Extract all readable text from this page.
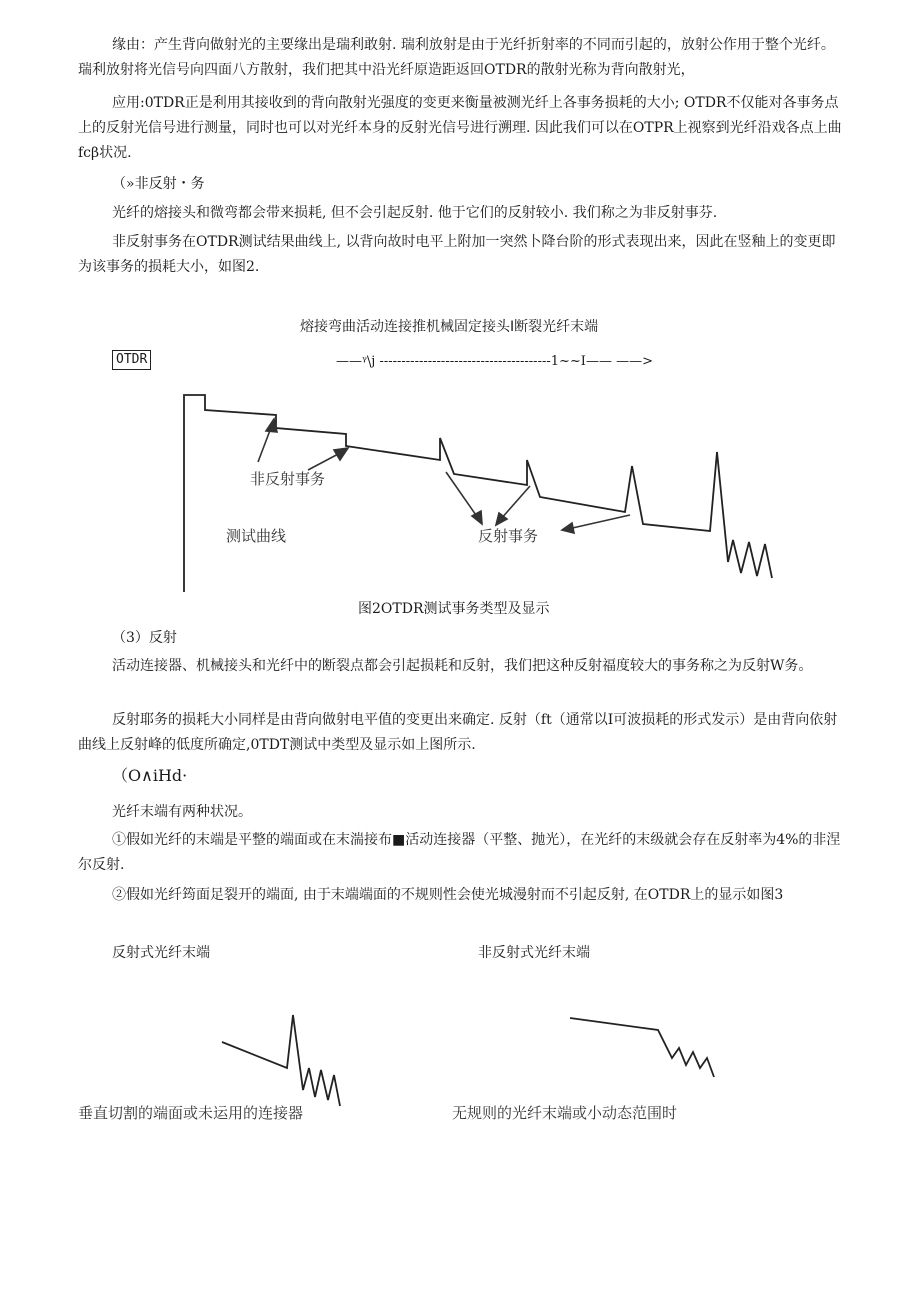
缘由：产生背向做射光的主要缘出是瑞利敢射. 瑞利放射是由于光纤折射率的不同而引起的，放射公作用于整个光纤。瑞利放射将光信号向四面八方散射，我们把其中沿光纤原造距返回OTDR的散射光称为背向散射光，

应用:0TDR正是利用其接收到的背向散射光强度的变更来衡量被测光纤上各事务损耗的大小; OTDR不仅能对各事务点上的反射光信号进行测量，同时也可以对光纤本身的反射光信号进行溯理. 因此我们可以在OTPR上视察到光纤沿戏各点上曲fcβ状况.

（»非反射・务

光纤的熔接头和微弯都会带来损耗, 但不会引起反射. 他于它们的反射较小. 我们称之为非反射事芬.

非反射事务在OTDR测试结果曲线上, 以背向故时电平上附加一突然卜降台阶的形式表现出来，因此在竖釉上的变更即为该事务的损耗大小，如图2.

熔接弯曲活动连接推机械固定接头I断裂光纤末端
OTDR	——ᵞ\j ---------------------------------------1~~I—— ——>
非反射事务
测试曲线	反射事务
图2OTDR测试事务类型及显示

（3）反射

活动连接器、机械接头和光纤中的断裂点都会引起损耗和反射，我们把这种反射福度较大的事务称之为反射W务。

反射耶务的损耗大小同样是由背向做射电平值的变更出来确定. 反射（ft（通常以I可波损耗的形式发示）是由背向依射曲线上反射峰的低度所确定,0TDT测试中类型及显示如上图所示.

（O∧iHd·

光纤末端有两种状况。

①假如光纤的末端是平整的端面或在末湍接布■活动连接器（平整、抛光），在光纤的末级就会存在反射率为4%的非涅尔反射.

②假如光纤筠面足裂开的端面, 由于末端端面的不规则性会使光城漫射而不引起反射, 在OTDR上的显示如图3

反射式光纤末端	非反射式光纤末端
垂直切割的端面或未运用的连接器	无规则的光纤末端或小动态范围时
